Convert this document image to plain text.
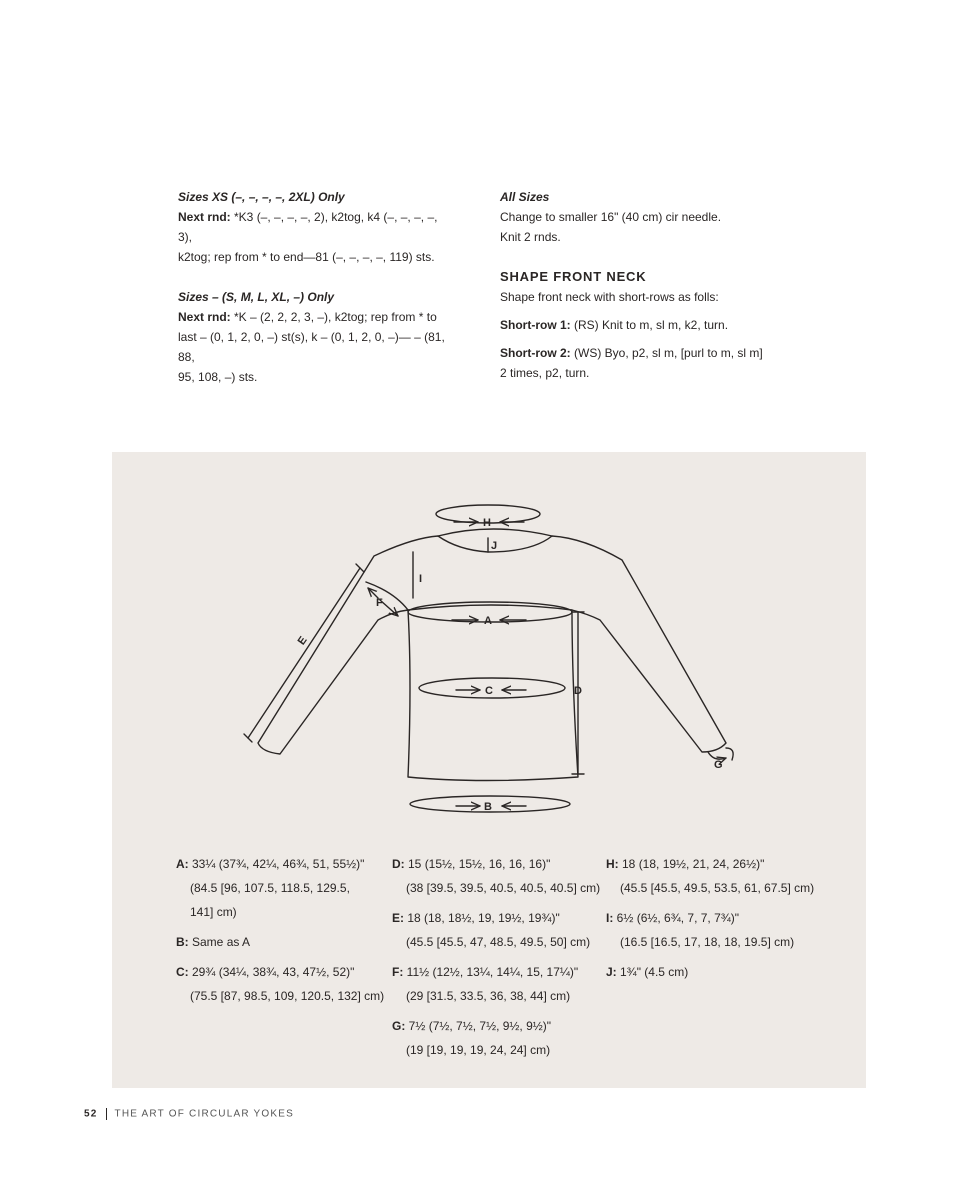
Sizes XS (–, –, –, –, 2XL) Only

Next rnd: *K3 (–, –, –, –, 2), k2tog, k4 (–, –, –, –, 3),

k2tog; rep from * to end—81 (–, –, –, –, 119) sts.

Sizes – (S, M, L, XL, –) Only

Next rnd: *K – (2, 2, 2, 3, –), k2tog; rep from * to

last – (0, 1, 2, 0, –) st(s), k – (0, 1, 2, 0, –)— – (81, 88,

95, 108, –) sts.

All Sizes

Change to smaller 16" (40 cm) cir needle.

Knit 2 rnds.

SHAPE FRONT NECK

Shape front neck with short-rows as folls:

Short-row 1: (RS) Knit to m, sl m, k2, turn.

Short-row 2: (WS) Byo, p2, sl m, [purl to m, sl m]

2 times, p2, turn.

H
J
I
A
C	D
B
E
F
G

A: 33¼ (37¾, 42¼, 46¾, 51, 55½)"
(84.5 [96, 107.5, 118.5, 129.5,
141] cm)

B: Same as A

C: 29¾ (34¼, 38¾, 43, 47½, 52)"
(75.5 [87, 98.5, 109, 120.5, 132] cm)

D: 15 (15½, 15½, 16, 16, 16)"
(38 [39.5, 39.5, 40.5, 40.5, 40.5] cm)

E: 18 (18, 18½, 19, 19½, 19¾)"
(45.5 [45.5, 47, 48.5, 49.5, 50] cm)

F: 11½ (12½, 13¼, 14¼, 15, 17¼)"
(29 [31.5, 33.5, 36, 38, 44] cm)

G: 7½ (7½, 7½, 7½, 9½, 9½)"
(19 [19, 19, 19, 24, 24] cm)

H: 18 (18, 19½, 21, 24, 26½)"
(45.5 [45.5, 49.5, 53.5, 61, 67.5] cm)

I: 6½ (6½, 6¾, 7, 7, 7¾)"
(16.5 [16.5, 17, 18, 18, 19.5] cm)

J: 1¾" (4.5 cm)

52 THE ART OF CIRCULAR YOKES
